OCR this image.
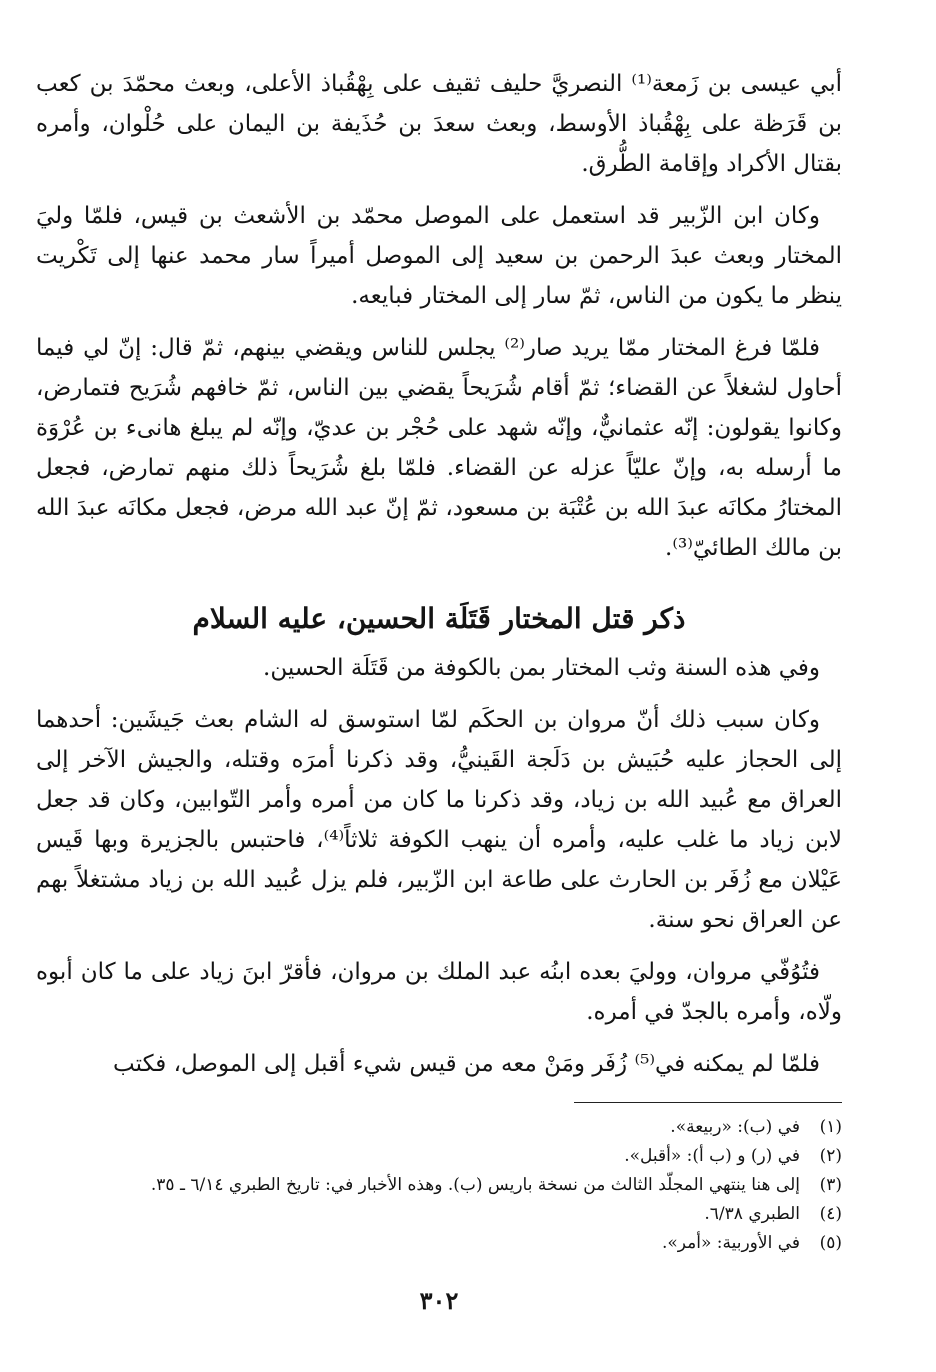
أبي عيسى بن زَمعة⁽¹⁾ النصريَّ حليف ثقيف على بِهْقُباذ الأعلى، وبعث محمّدَ بن كعب بن قَرَظة على بِهْقُباذ الأوسط، وبعث سعدَ بن حُذَيفة بن اليمان على حُلْوان، وأمره بقتال الأكراد وإقامة الطُّرق.

وكان ابن الزّبير قد استعمل على الموصل محمّد بن الأشعث بن قيس، فلمّا وليَ المختار وبعث عبدَ الرحمن بن سعيد إلى الموصل أميراً سار محمد عنها إلى تَكْريت ينظر ما يكون من الناس، ثمّ سار إلى المختار فبايعه.

فلمّا فرغ المختار ممّا يريد صار⁽²⁾ يجلس للناس ويقضي بينهم، ثمّ قال: إنّ لي فيما أحاول لشغلاً عن القضاء؛ ثمّ أقام شُرَيحاً يقضي بين الناس، ثمّ خافهم شُرَيح فتمارض، وكانوا يقولون: إنّه عثمانيٌّ، وإنّه شهد على حُجْر بن عديّ، وإنّه لم يبلغ هانىء بن عُرْوَة ما أرسله به، وإنّ عليّاً عزله عن القضاء. فلمّا بلغ شُرَيحاً ذلك منهم تمارض، فجعل المختارُ مكانَه عبدَ الله بن عُتْبَة بن مسعود، ثمّ إنّ عبد الله مرض، فجعل مكانَه عبدَ الله بن مالك الطائيّ⁽³⁾.

ذكر قتل المختار قَتَلَة الحسين، عليه السلام

وفي هذه السنة وثب المختار بمن بالكوفة من قَتَلَة الحسين.

وكان سبب ذلك أنّ مروان بن الحكَم لمّا استوسق له الشام بعث جَيشَين: أحدهما إلى الحجاز عليه حُبَيش بن دَلَجة القَينيُّ، وقد ذكرنا أمرَه وقتله، والجيش الآخر إلى العراق مع عُبيد الله بن زياد، وقد ذكرنا ما كان من أمره وأمر التّوابين، وكان قد جعل لابن زياد ما غلب عليه، وأمره أن ينهب الكوفة ثلاثاً⁽⁴⁾، فاحتبس بالجزيرة وبها قَيس عَيْلان مع زُفَر بن الحارث على طاعة ابن الزّبير، فلم يزل عُبيد الله بن زياد مشتغلاً بهم عن العراق نحو سنة.

فتُوُفّي مروان، ووليَ بعده ابنُه عبد الملك بن مروان، فأقرّ ابنَ زياد على ما كان أبوه ولّاه، وأمره بالجدّ في أمره.

فلمّا لم يمكنه في⁽⁵⁾ زُفَر ومَنْ معه من قيس شيء أقبل إلى الموصل، فكتب

(١)
في (ب): «ربيعة».
(٢)
في (ر) و (ب أ): «أقبل».
(٣)
إلى هنا ينتهي المجلّد الثالث من نسخة باريس (ب). وهذه الأخبار في: تاريخ الطبري ٦/١٤ ـ ٣٥.
(٤)
الطبري ٦/٣٨.
(٥)
في الأوربية: «أمر».
٣٠٢
